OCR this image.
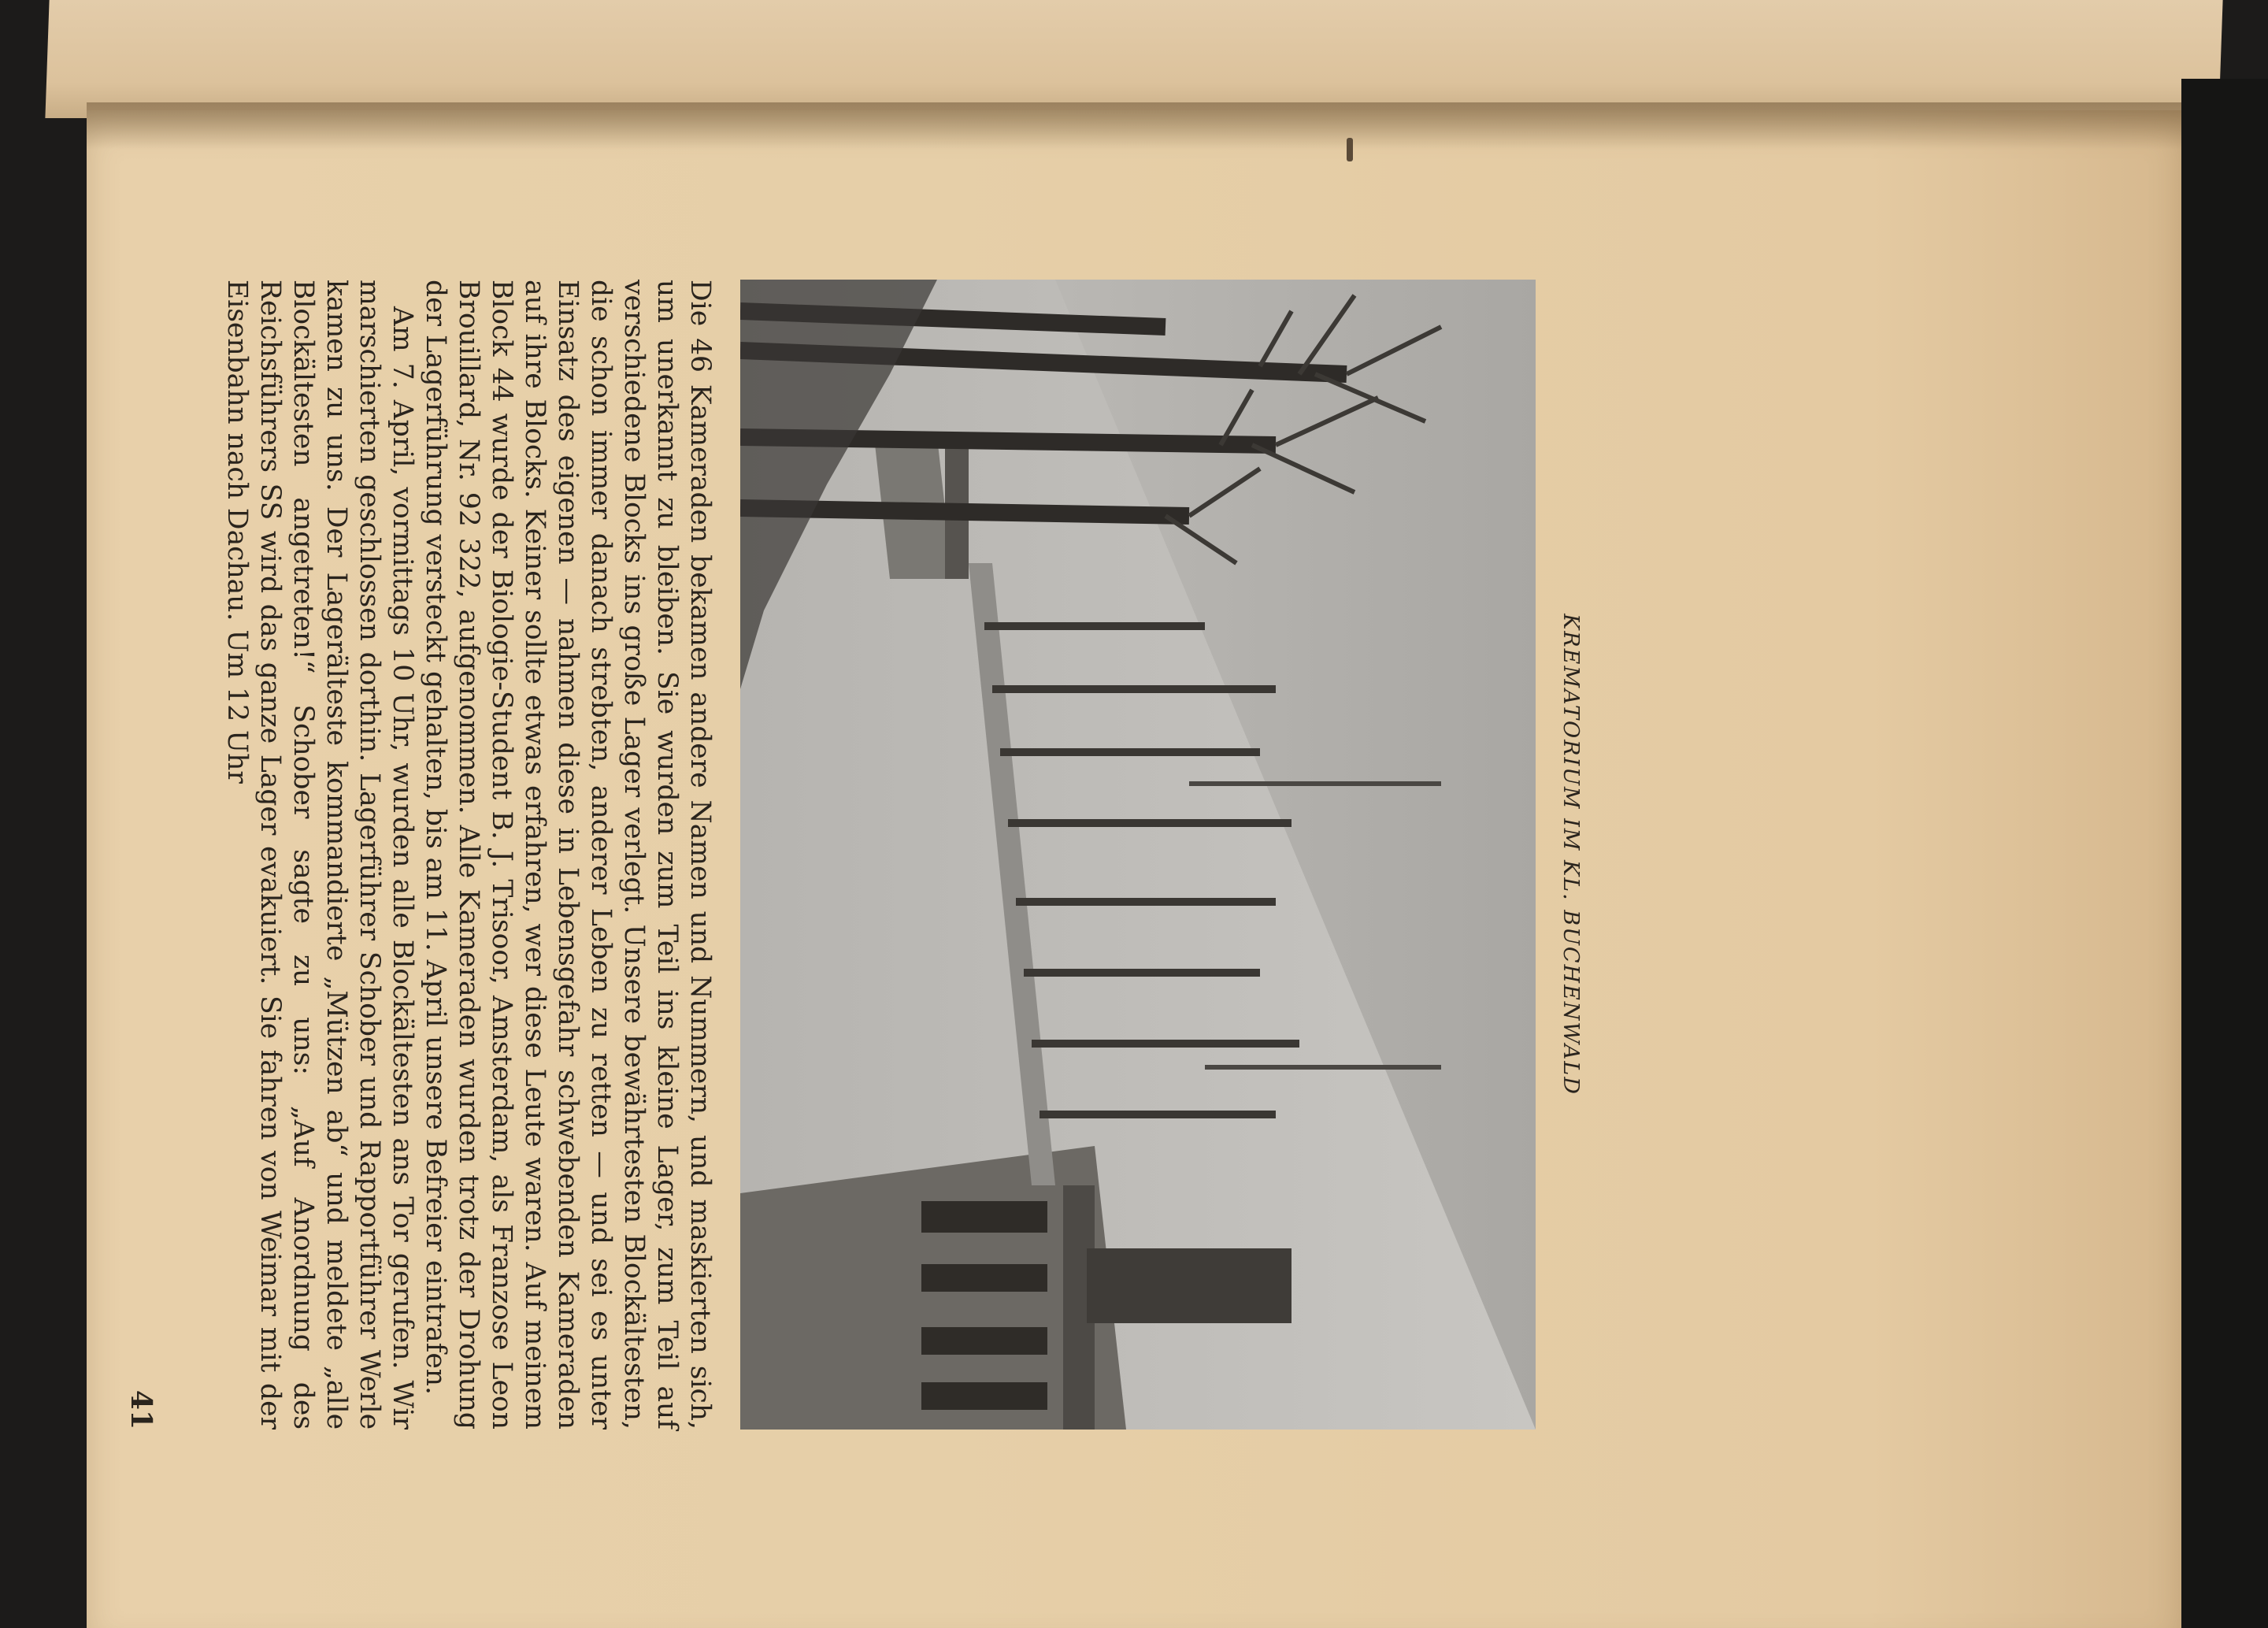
KREMATORIUM IM KL. BUCHENWALD

Die 46 Kameraden bekamen andere Namen und Nummern, und maskierten sich, um unerkannt zu bleiben. Sie wurden zum Teil ins kleine Lager, zum Teil auf verschiedene Blocks ins große Lager verlegt. Unsere bewährtesten Blockältesten, die schon immer danach strebten, anderer Leben zu retten — und sei es unter Einsatz des eigenen — nahmen diese in Lebensgefahr schwebenden Kameraden auf ihre Blocks. Keiner sollte etwas erfahren, wer diese Leute waren. Auf meinem Block 44 wurde der Biologie-Student B. J. Trisoor, Amsterdam, als Franzose Leon Brouillard, Nr. 92 322, aufgenommen. Alle Kameraden wurden trotz der Drohung der Lagerführung versteckt gehalten, bis am 11. April unsere Befreier eintrafen.

Am 7. April, vormittags 10 Uhr, wurden alle Blockältesten ans Tor gerufen. Wir marschierten geschlossen dorthin. Lagerführer Schober und Rapportführer Werle kamen zu uns. Der Lagerälteste kommandierte „Mützen ab“ und meldete „alle Blockältesten angetreten!“ Schober sagte zu uns: „Auf Anordnung des Reichsführers SS wird das ganze Lager evakuiert. Sie fahren von Weimar mit der Eisenbahn nach Dachau. Um 12 Uhr

41
